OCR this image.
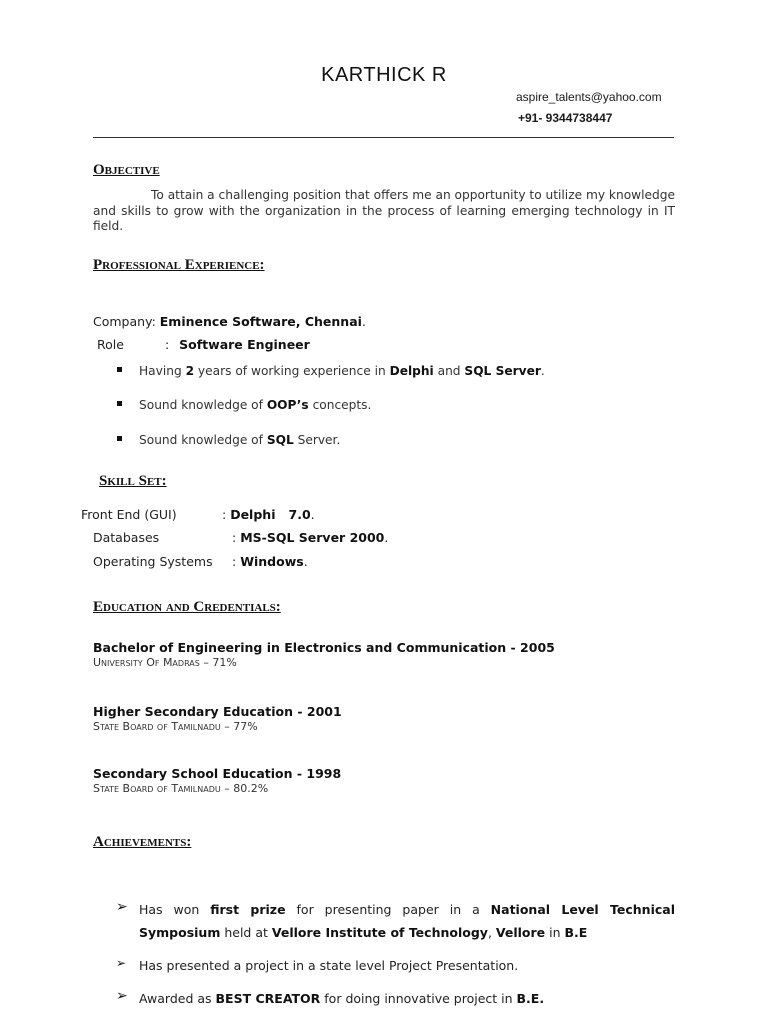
KARTHICK R
aspire_talents@yahoo.com
+91- 9344738447
Objective
To attain a challenging position that offers me an opportunity to utilize my knowledge and skills to grow with the organization in the process of learning emerging technology in IT field.
Professional Experience:
Company: Eminence Software, Chennai.
Role	: Software Engineer
Having 2 years of working experience in Delphi and SQL Server.
Sound knowledge of OOP’s concepts.
Sound knowledge of SQL Server.
Skill Set:
Front End (GUI)	: Delphi   7.0.
Databases	: MS-SQL Server 2000.
Operating Systems : Windows.
Education and Credentials:
Bachelor of Engineering in Electronics and Communication - 2005
University Of Madras – 71%
Higher Secondary Education - 2001
State Board of Tamilnadu – 77%
Secondary School Education - 1998
State Board of Tamilnadu – 80.2%
Achievements:
➢ Has won first prize for presenting paper in a National Level Technical Symposium held at Vellore Institute of Technology, Vellore in B.E
➢ Has presented a project in a state level Project Presentation.
➢ Awarded as BEST CREATOR for doing innovative project in B.E.
